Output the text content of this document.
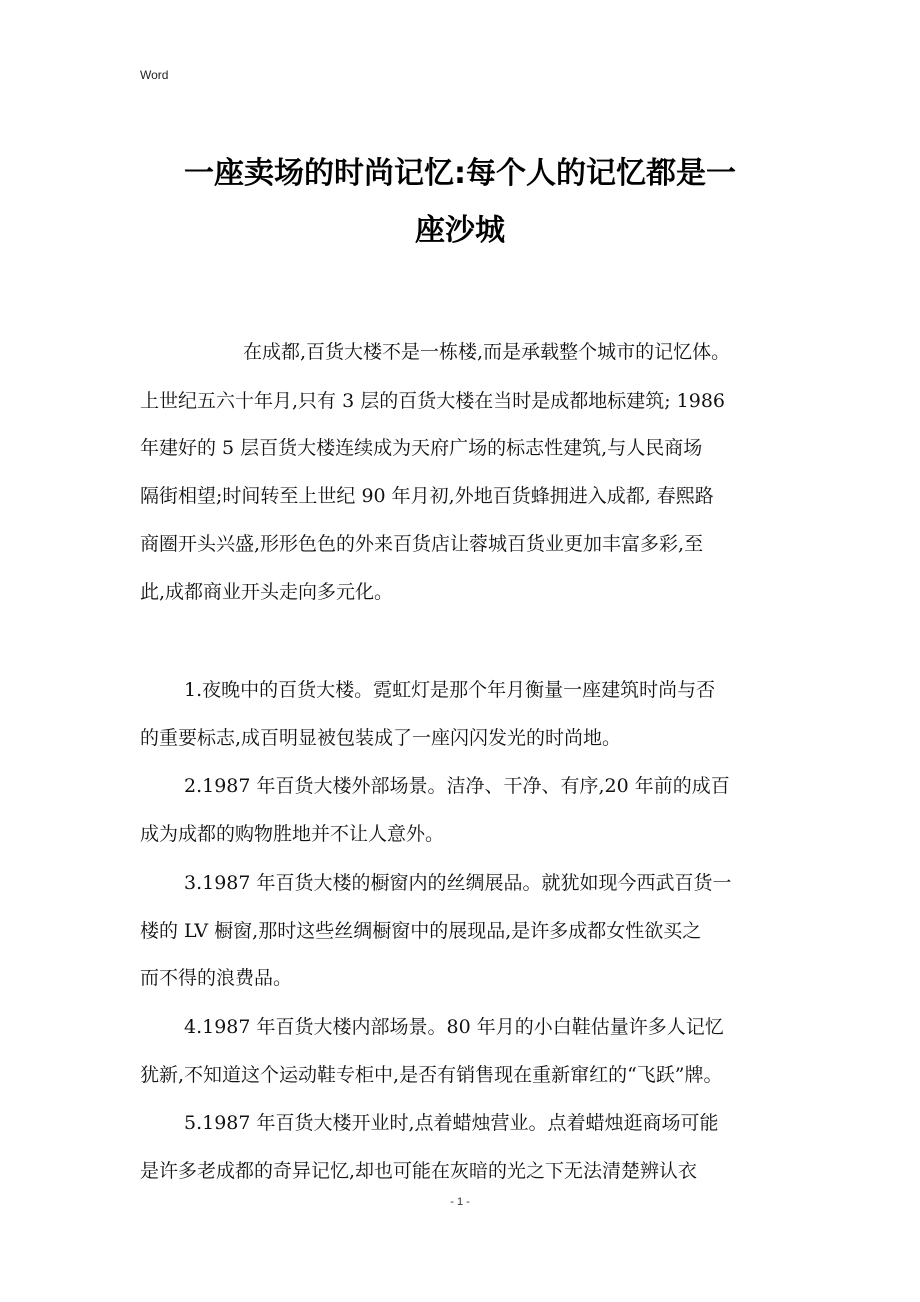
Word
一座卖场的时尚记忆:每个人的记忆都是一
座沙城
在成都,百货大楼不是一栋楼,而是承载整个城市的记忆体。
上世纪五六十年月,只有 3 层的百货大楼在当时是成都地标建筑; 1986
年建好的 5 层百货大楼连续成为天府广场的标志性建筑,与人民商场
隔街相望;时间转至上世纪 90 年月初,外地百货蜂拥进入成都, 春熙路
商圈开头兴盛,形形色色的外来百货店让蓉城百货业更加丰富多彩,至
此,成都商业开头走向多元化。
1.夜晚中的百货大楼。霓虹灯是那个年月衡量一座建筑时尚与否
的重要标志,成百明显被包装成了一座闪闪发光的时尚地。
2.1987 年百货大楼外部场景。洁净、干净、有序,20 年前的成百
成为成都的购物胜地并不让人意外。
3.1987 年百货大楼的橱窗内的丝绸展品。就犹如现今西武百货一
楼的 LV 橱窗,那时这些丝绸橱窗中的展现品,是许多成都女性欲买之
而不得的浪费品。
4.1987 年百货大楼内部场景。80 年月的小白鞋估量许多人记忆
犹新,不知道这个运动鞋专柜中,是否有销售现在重新窜红的“飞跃”牌。
5.1987 年百货大楼开业时,点着蜡烛营业。点着蜡烛逛商场可能
是许多老成都的奇异记忆,却也可能在灰暗的光之下无法清楚辨认衣
- 1 -
